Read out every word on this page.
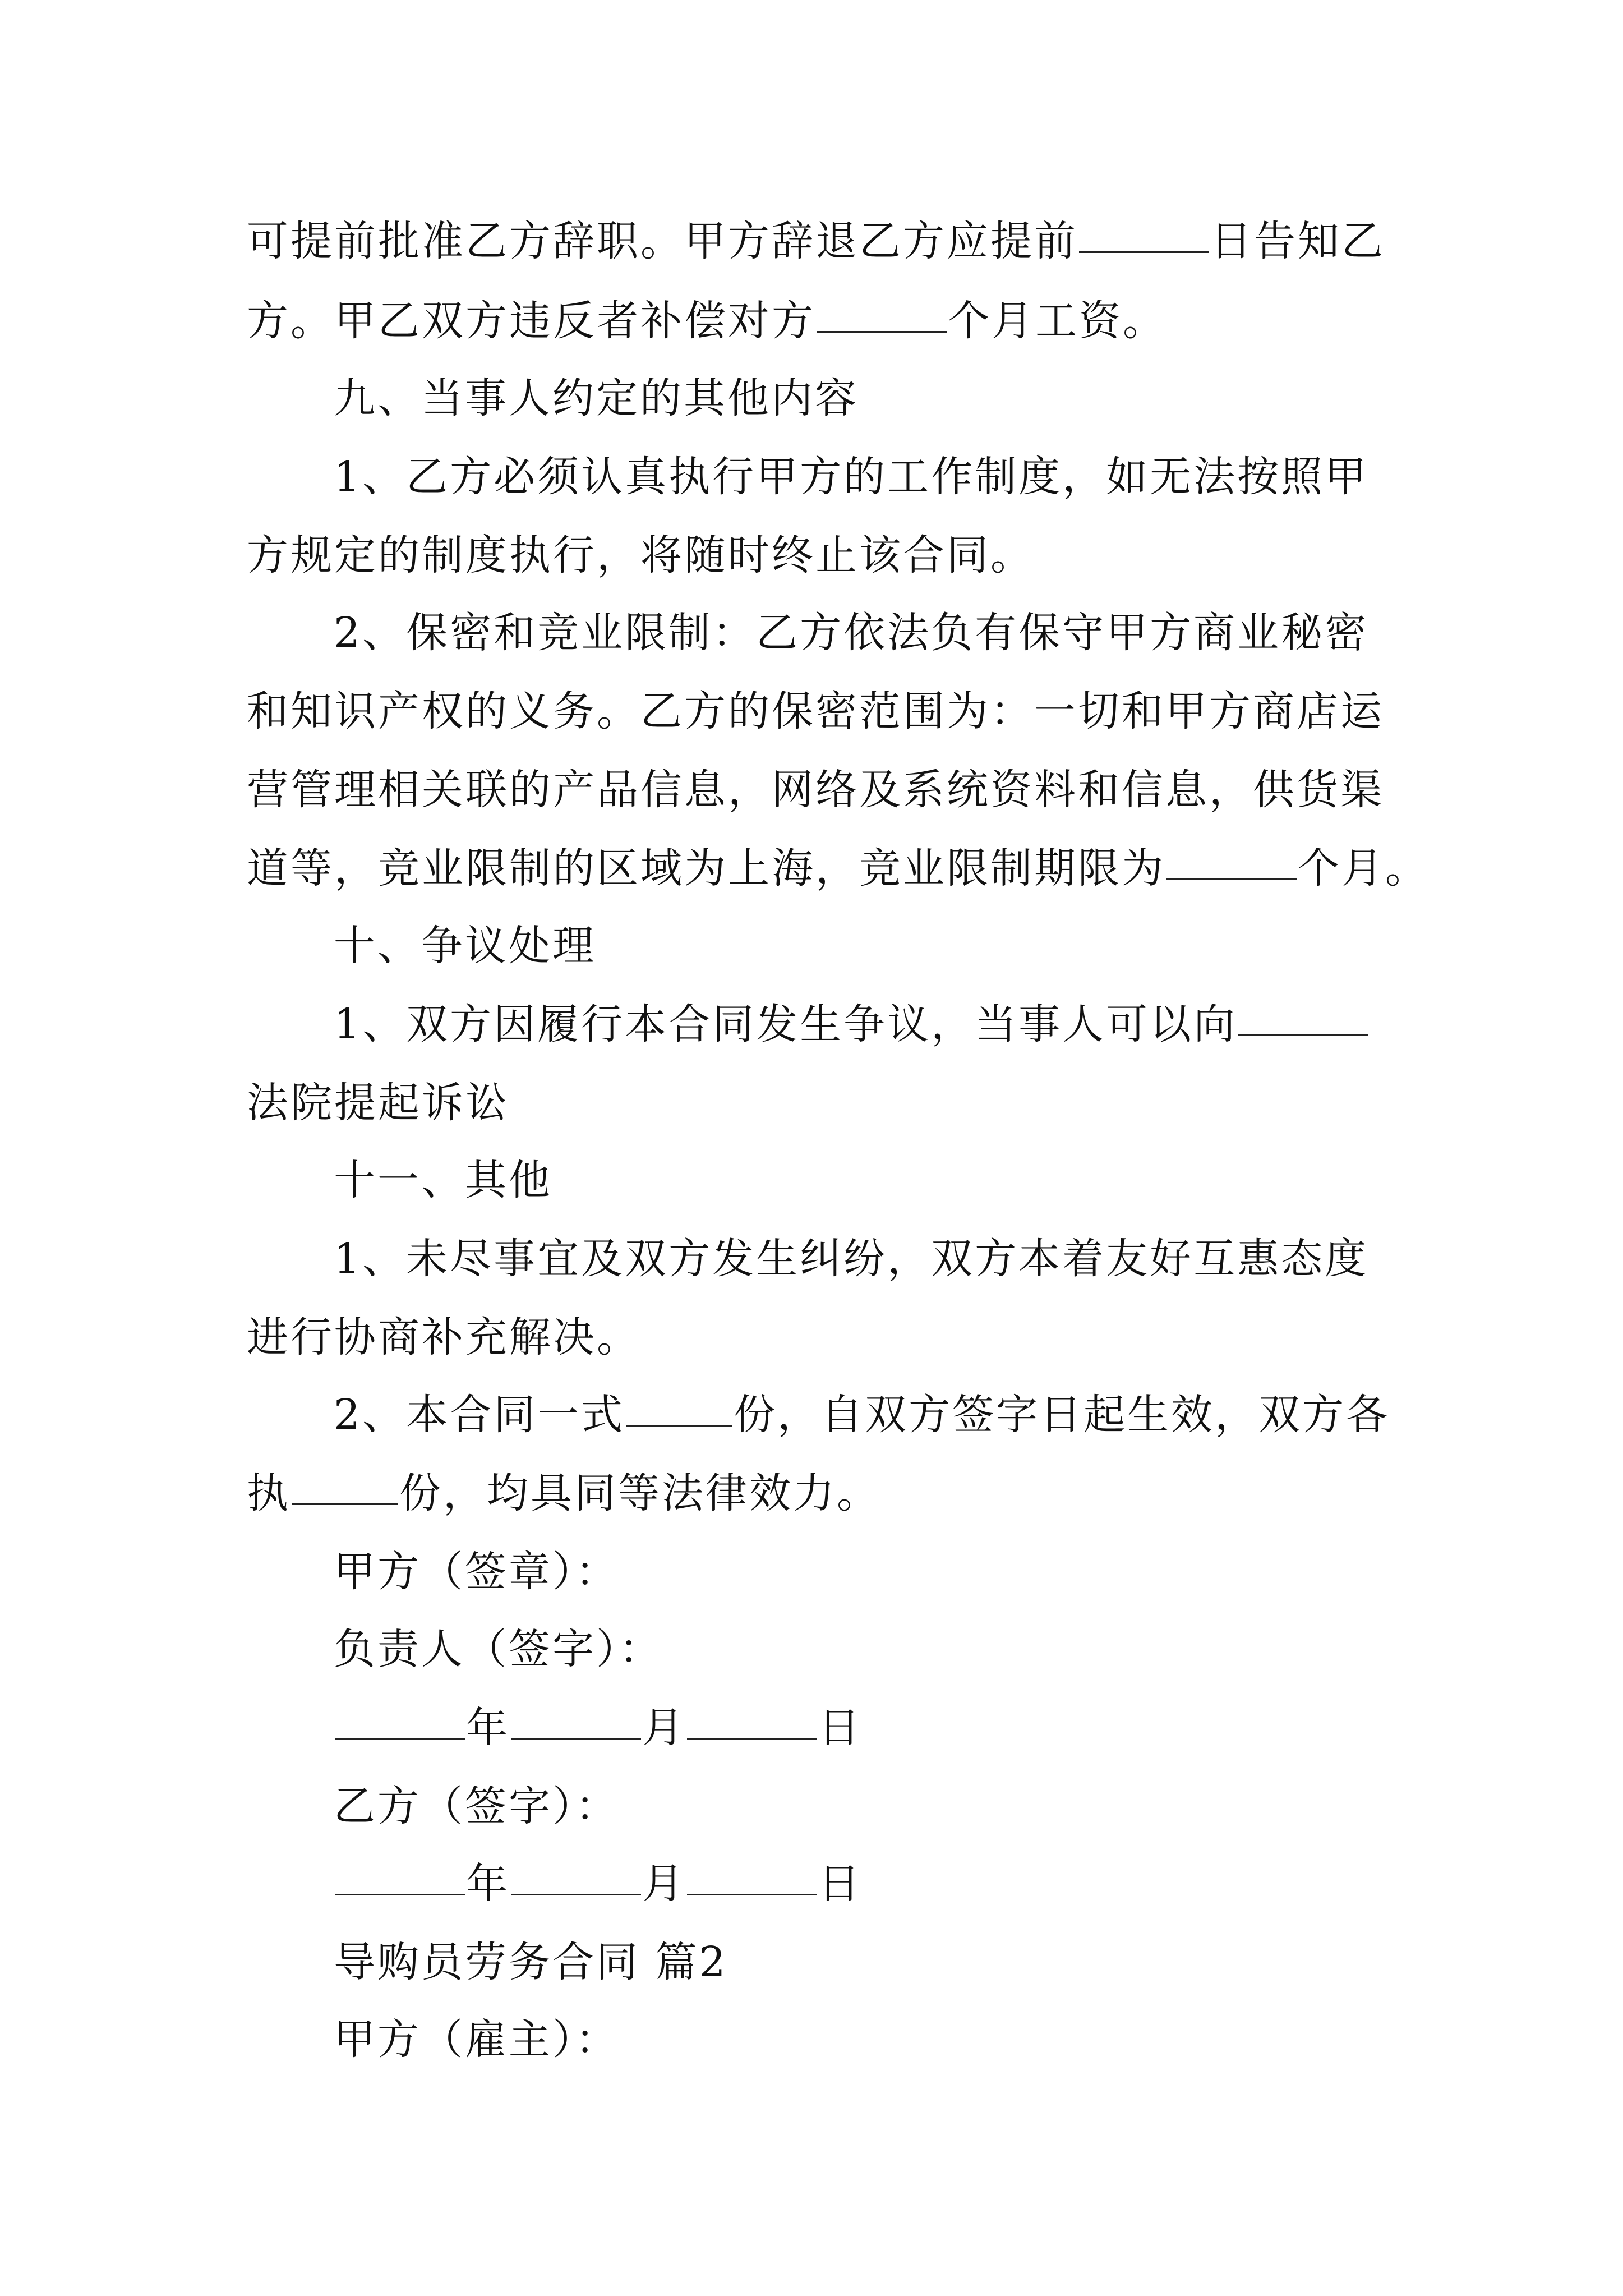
可提前批准乙方辞职。甲方辞退乙方应提前	日告知乙
方。甲乙双方违反者补偿对方	个月工资。
九、当事人约定的其他内容
1、乙方必须认真执行甲方的工作制度，如无法按照甲
方规定的制度执行，将随时终止该合同。
2、保密和竞业限制：乙方依法负有保守甲方商业秘密
和知识产权的义务。乙方的保密范围为：一切和甲方商店运
营管理相关联的产品信息，网络及系统资料和信息，供货渠
道等，竞业限制的区域为上海，竞业限制期限为	个月。
十、争议处理
1、双方因履行本合同发生争议，当事人可以向
法院提起诉讼
十一、其他
1、未尽事宜及双方发生纠纷，双方本着友好互惠态度
进行协商补充解决。
2、本合同一式	份，自双方签字日起生效，双方各
执	份，均具同等法律效力。
甲方（签章）：
负责人（签字）：
年	月	日
乙方（签字）：
年	月	日
导购员劳务合同 篇2
甲方（雇主）：
